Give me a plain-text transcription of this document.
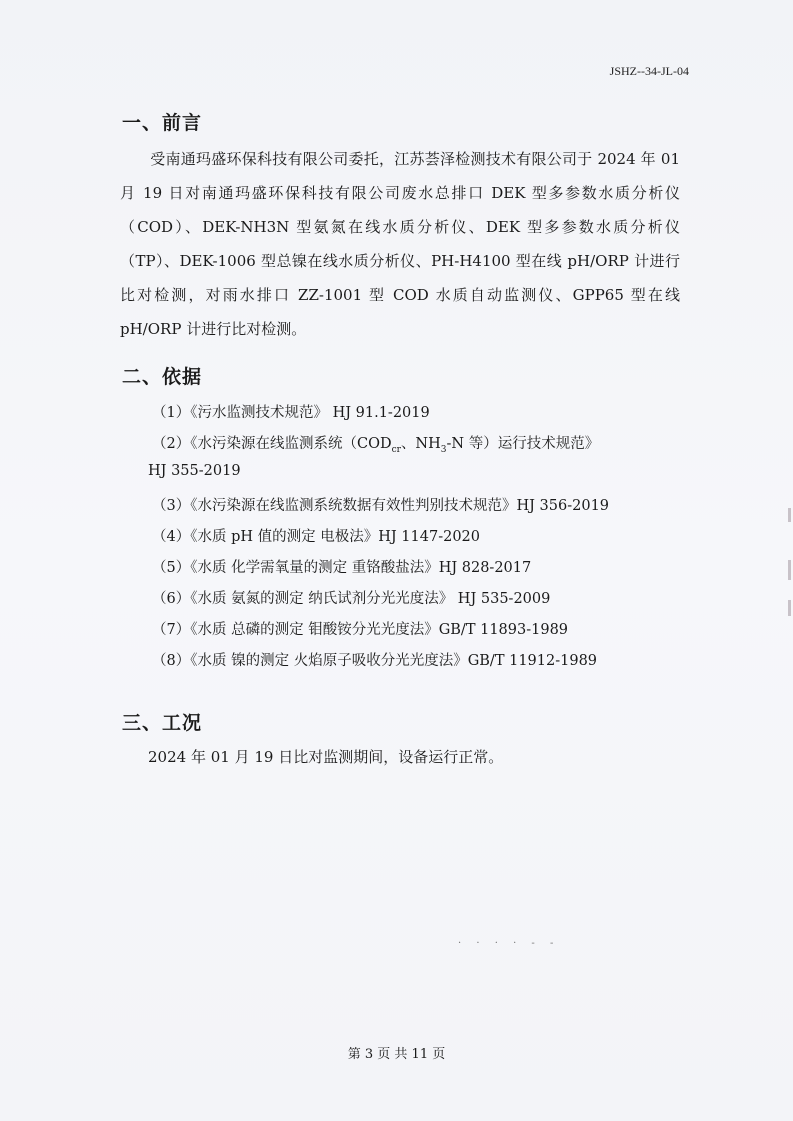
JSHZ--34-JL-04
一、前言
受南通玛盛环保科技有限公司委托，江苏荟泽检测技术有限公司于 2024 年 01 月 19 日对南通玛盛环保科技有限公司废水总排口 DEK 型多参数水质分析仪（COD）、DEK-NH3N 型氨氮在线水质分析仪、DEK 型多参数水质分析仪（TP）、DEK-1006 型总镍在线水质分析仪、PH-H4100 型在线 pH/ORP 计进行比对检测，对雨水排口 ZZ-1001 型 COD 水质自动监测仪、GPP65 型在线 pH/ORP 计进行比对检测。
二、依据
（1）《污水监测技术规范》 HJ 91.1-2019
（2）《水污染源在线监测系统（$COD_{cr}$、$NH_3-N$ 等）运行技术规范》
HJ 355-2019
（3）《水污染源在线监测系统数据有效性判别技术规范》HJ 356-2019
（4）《水质 pH 值的测定 电极法》HJ 1147-2020
（5）《水质 化学需氧量的测定 重铬酸盐法》HJ 828-2017
（6）《水质 氨氮的测定 纳氏试剂分光光度法》 HJ 535-2009
（7）《水质 总磷的测定 钼酸铵分光光度法》GB/T 11893-1989
（8）《水质 镍的测定 火焰原子吸收分光光度法》GB/T 11912-1989
三、工况
2024 年 01 月 19 日比对监测期间，设备运行正常。
· · · · - -
第 3 页 共 11 页
